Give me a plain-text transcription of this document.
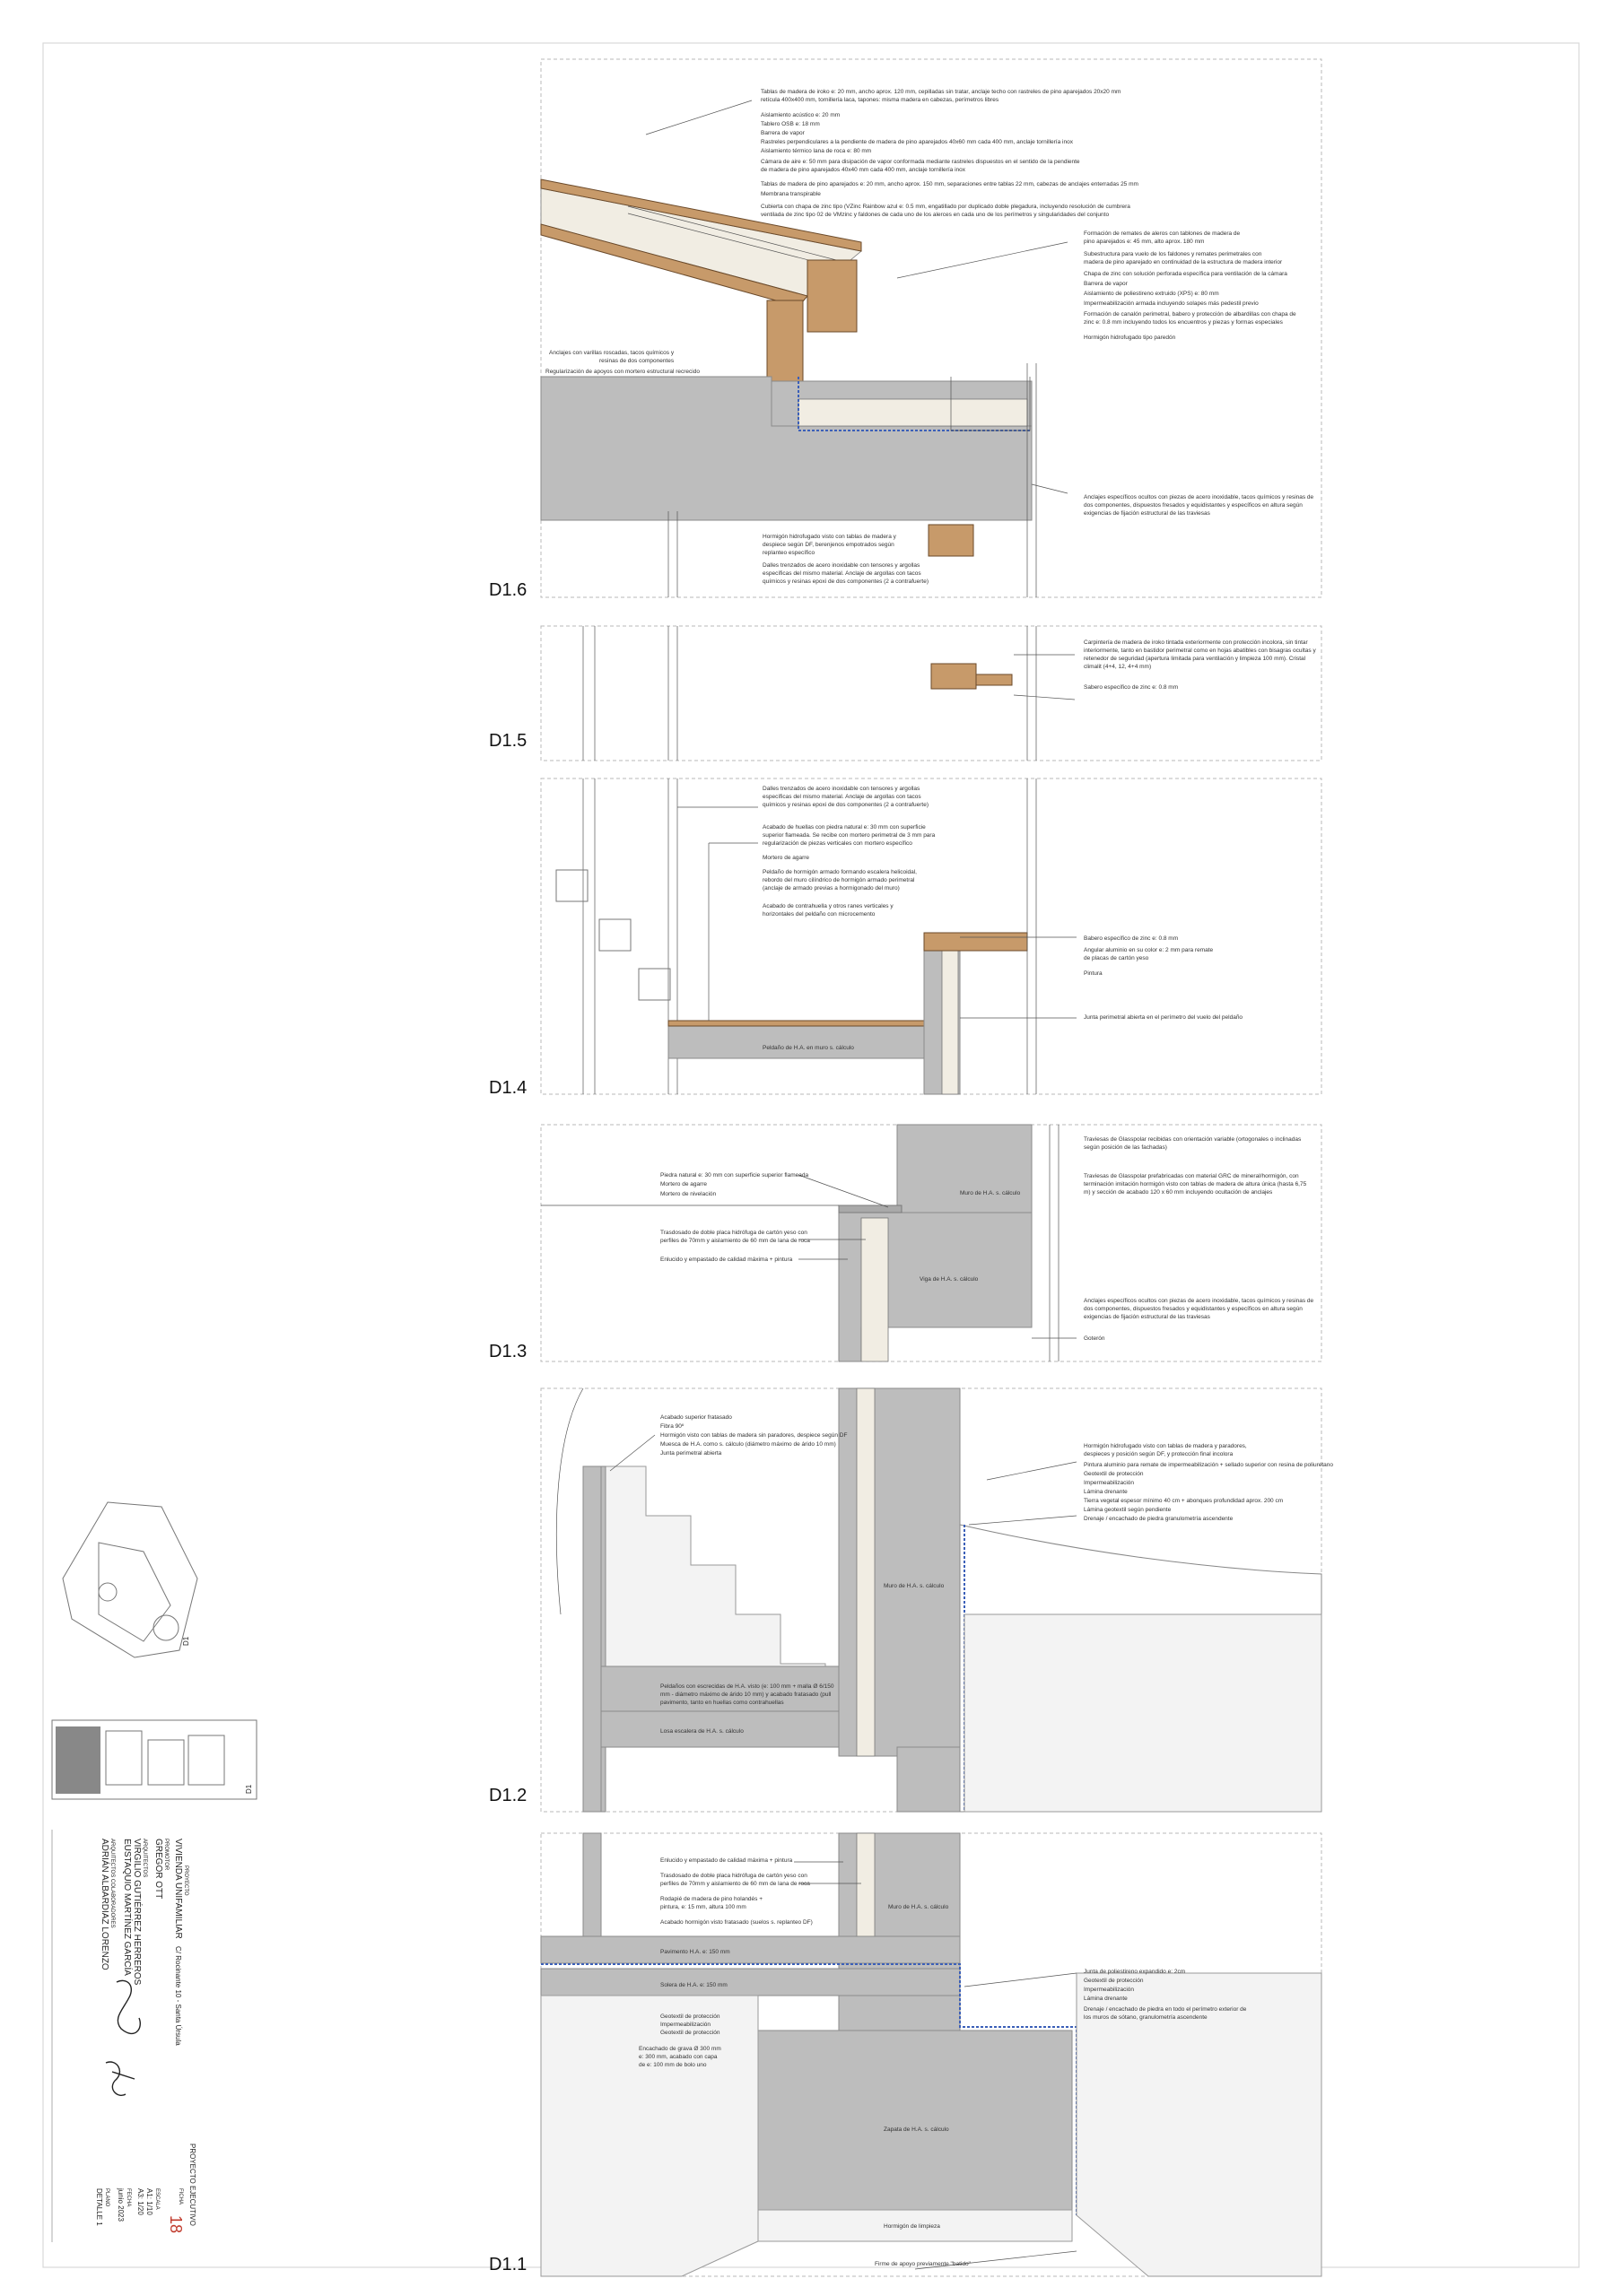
Tablas de madera de iroko e: 20 mm, ancho aprox. 120 mm, cepilladas sin tratar, anclaje techo con rastreles de pino aparejados 20x20 mm
retícula 400x400 mm, tornillería laca, tapones: misma madera en cabezas, perímetros libres
Aislamiento acústico e: 20 mm
Tablero OSB e: 18 mm
Barrera de vapor
Rastreles perpendiculares a la pendiente de madera de pino aparejados 40x60 mm cada 400 mm, anclaje tornillería inox
Aislamiento térmico lana de roca e: 80 mm
Cámara de aire e: 50 mm para disipación de vapor conformada mediante rastreles dispuestos en el sentido de la pendiente
de madera de pino aparejados 40x40 mm cada 400 mm, anclaje tornillería inox
Tablas de madera de pino aparejados e: 20 mm, ancho aprox. 150 mm, separaciones entre tablas 22 mm, cabezas de anclajes enterradas 25 mm
Membrana transpirable
Cubierta con chapa de zinc tipo (VZinc Rainbow azul e: 0.5 mm, engatillado por duplicado doble plegadura, incluyendo resolución de cumbrera
ventilada de zinc tipo 02 de VMzinc y faldones de cada uno de los alerces en cada uno de los perímetros y singularidades del conjunto
Formación de remates de aleros con tablones de madera de
pino aparejados e: 45 mm, alto aprox. 180 mm
Subestructura para vuelo de los faldones y remates perimetrales con
madera de pino aparejado en continuidad de la estructura de madera interior
Chapa de zinc con solución perforada específica para ventilación de la cámara
Barrera de vapor
Aislamiento de poliestireno extruido (XPS) e: 80 mm
Impermeabilización armada incluyendo solapes más pedestil previo
Formación de canalón perimetral, babero y protección de albardillas con chapa de
zinc e: 0.8 mm incluyendo todos los encuentros y piezas y formas especiales
Hormigón hidrofugado tipo paredón
Anclajes con varillas roscadas, tacos químicos y
resinas de dos componentes
Regularización de apoyos con mortero estructural recrecido
Hormigón hidrofugado visto con tablas de madera y
despiece según DF, berenjenos empotrados según
replanteo específico
Dalles trenzados de acero inoxidable con tensores y argollas
específicas del mismo material. Anclaje de argollas con tacos
químicos y resinas epoxi de dos componentes (2 a contrafuerte)
Anclajes específicos ocultos con piezas de acero inoxidable, tacos químicos y resinas de
dos componentes, dispuestos fresados y equidistantes y específicos en altura según
exigencias de fijación estructural de las traviesas
D1.6
Carpintería de madera de iroko tintada exteriormente con protección incolora, sin tintar
interiormente, tanto en bastidor perimetral como en hojas abatibles con bisagras ocultas y
retenedor de seguridad (apertura limitada para ventilación y limpieza 100 mm). Cristal
climalit (4+4, 12, 4+4 mm)
Sabero específico de zinc e: 0.8 mm
D1.5
Peldaño de H.A. en muro s. cálculo
Dalles trenzados de acero inoxidable con tensores y argollas
específicas del mismo material. Anclaje de argollas con tacos
químicos y resinas epoxi de dos componentes (2 a contrafuerte)
Acabado de huellas con piedra natural e: 30 mm con superficie
superior flameada. Se recibe con mortero perimetral de 3 mm para
regularización de piezas verticales con mortero específico
Mortero de agarre
Peldaño de hormigón armado formando escalera helicoidal,
rebordo del muro cilíndrico de hormigón armado perimetral
(anclaje de armado previas a hormigonado del muro)
Acabado de contrahuella y otros ranes verticales y
horizontales del peldaño con microcemento
Babero específico de zinc e: 0.8 mm
Angular aluminio en su color e: 2 mm para remate
de placas de cartón yeso
Pintura
Junta perimetral abierta en el perímetro del vuelo del peldaño
D1.4
Muro de H.A. s. cálculo
Viga de H.A. s. cálculo
Piedra natural e: 30 mm con superficie superior flameada
Mortero de agarre
Mortero de nivelación
Trasdosado de doble placa hidrófuga de cartón yeso con
perfiles de 70mm y aislamiento de 60 mm de lana de roca
Enlucido y empastado de calidad máxima + pintura
Traviesas de Glasspolar recibidas con orientación variable (ortogonales o inclinadas
según posición de las fachadas)
Traviesas de Glasspolar prefabricadas con material GRC de mineral/hormigón, con
terminación imitación hormigón visto con tablas de madera de altura única (hasta 6,75
m) y sección de acabado 120 x 60 mm incluyendo ocultación de anclajes
Anclajes específicos ocultos con piezas de acero inoxidable, tacos químicos y resinas de
dos componentes, dispuestos fresados y equidistantes y específicos en altura según
exigencias de fijación estructural de las traviesas
Goterón
D1.3
Muro de H.A. s. cálculo
Peldaños con escrecidas de H.A. visto (e: 100 mm + malla Ø 6/150
mm - diámetro máximo de árido 10 mm) y acabado fratasado (pull
pavimento, tanto en huellas como contrahuellas
Losa escalera de H.A. s. cálculo
Acabado superior fratasado
Fibra 90º
Hormigón visto con tablas de madera sin paradores, despiece según DF
Muesca de H.A. como s. cálculo (diámetro máximo de árido 10 mm)
Junta perimetral abierta
Hormigón hidrofugado visto con tablas de madera y paradores,
despieces y posición según DF, y protección final incolora
Pintura aluminio para remate de impermeabilización + sellado superior con resina de poliuretano
Geotextil de protección
Impermeabilización
Lámina drenante
Tierra vegetal espesor mínimo 40 cm + abonques profundidad aprox. 200 cm
Lámina geotextil según pendiente
Drenaje / encachado de piedra granulometría ascendente
D1.2
Muro de H.A. s. cálculo
Pavimento H.A. e: 150 mm
Solera de H.A. e: 150 mm
Zapata de H.A. s. cálculo
Hormigón de limpieza
Firme de apoyo previamente "batido"
Enlucido y empastado de calidad máxima + pintura
Trasdosado de doble placa hidrófuga de cartón yeso con
perfiles de 70mm y aislamiento de 60 mm de lana de roca
Rodapié de madera de pino holandés +
pintura, e: 15 mm, altura 100 mm
Acabado hormigón visto fratasado (suelos s. replanteo DF)
Geotextil de protección
Impermeabilización
Geotextil de protección
Encachado de grava Ø 300 mm
e: 300 mm, acabado con capa
de e: 100 mm de bolo uno
Junta de poliestireno expandido e: 2cm
Geotextil de protección
Impermeabilización
Lámina drenante
Drenaje / encachado de piedra en todo el perímetro exterior de
los muros de sótano, granulometría ascendente
D1.1
D1
D1
PROYECTO
VIVIENDA UNIFAMILIAR
C/ Rocinante 10 - Santa Úrsula
PROMOTOR
GREGOR OTT
ARQUITECTOS
VIRGILIO GUTIÉRREZ HERREROS
EUSTAQUIO MARTÍNEZ GARCÍA
ARQUITECTOS COLABORADORES
ADRIÁN ALBARDIAZ LORENZO
PROYECTO EJECUTIVO
FICHA
18
ESCALA
A1: 1/10
A3: 1/20
FECHA
junio 2023
PLANO
DETALLE 1
